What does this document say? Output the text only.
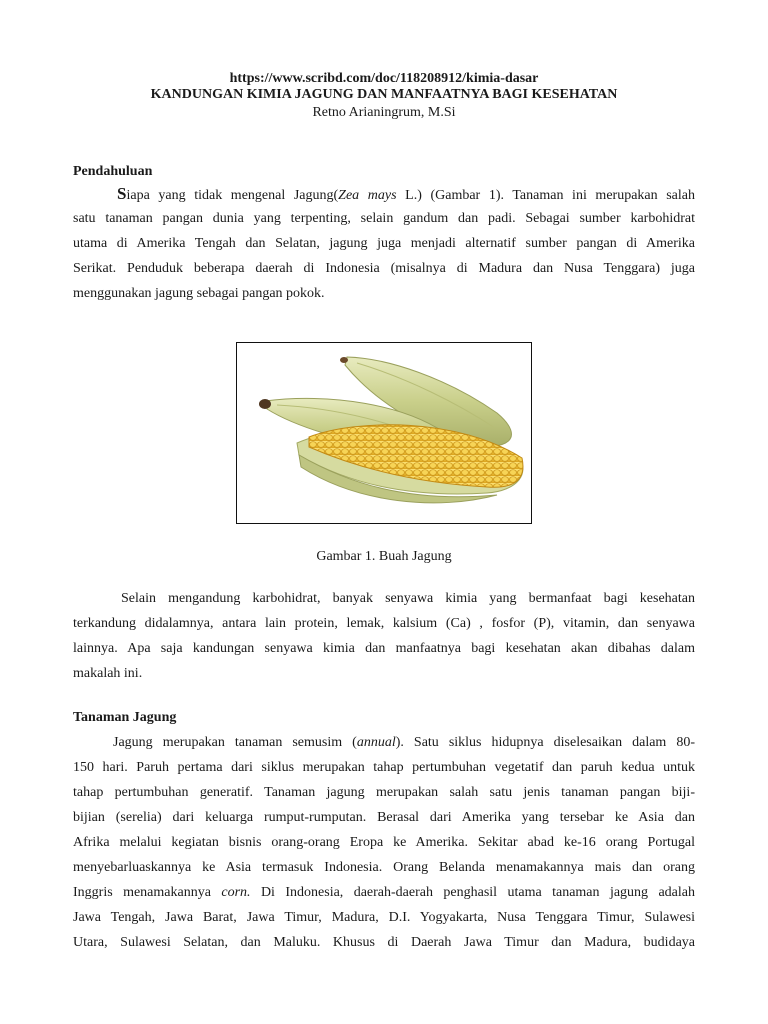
https://www.scribd.com/doc/118208912/kimia-dasar
KANDUNGAN KIMIA JAGUNG DAN MANFAATNYA BAGI KESEHATAN
Retno Arianingrum, M.Si
Pendahuluan
Siapa yang tidak mengenal Jagung(Zea mays L.) (Gambar 1). Tanaman ini merupakan salah
satu tanaman pangan dunia yang terpenting, selain gandum dan padi. Sebagai sumber karbohidrat
utama di Amerika Tengah dan Selatan, jagung juga menjadi alternatif sumber pangan di Amerika
Serikat. Penduduk beberapa daerah di Indonesia (misalnya di Madura dan Nusa Tenggara) juga
menggunakan jagung sebagai pangan pokok.
Gambar 1. Buah Jagung
Selain mengandung karbohidrat, banyak senyawa kimia yang bermanfaat bagi kesehatan
terkandung didalamnya, antara lain protein, lemak, kalsium (Ca) , fosfor (P), vitamin, dan senyawa
lainnya. Apa saja kandungan senyawa kimia dan manfaatnya bagi kesehatan akan dibahas dalam
makalah ini.
Tanaman Jagung
Jagung merupakan tanaman semusim (annual). Satu siklus hidupnya diselesaikan dalam 80-
150 hari. Paruh pertama dari siklus merupakan tahap pertumbuhan vegetatif dan paruh kedua untuk
tahap pertumbuhan generatif. Tanaman jagung merupakan salah satu jenis tanaman pangan biji-
bijian (serelia) dari keluarga rumput-rumputan. Berasal dari Amerika yang tersebar ke Asia dan
Afrika melalui kegiatan bisnis orang-orang Eropa ke Amerika. Sekitar abad ke-16 orang Portugal
menyebarluaskannya ke Asia termasuk Indonesia. Orang Belanda menamakannya mais dan orang
Inggris menamakannya corn. Di Indonesia, daerah-daerah penghasil utama tanaman jagung adalah
Jawa Tengah, Jawa Barat, Jawa Timur, Madura, D.I. Yogyakarta, Nusa Tenggara Timur, Sulawesi
Utara, Sulawesi Selatan, dan Maluku. Khusus di Daerah Jawa Timur dan Madura, budidaya
